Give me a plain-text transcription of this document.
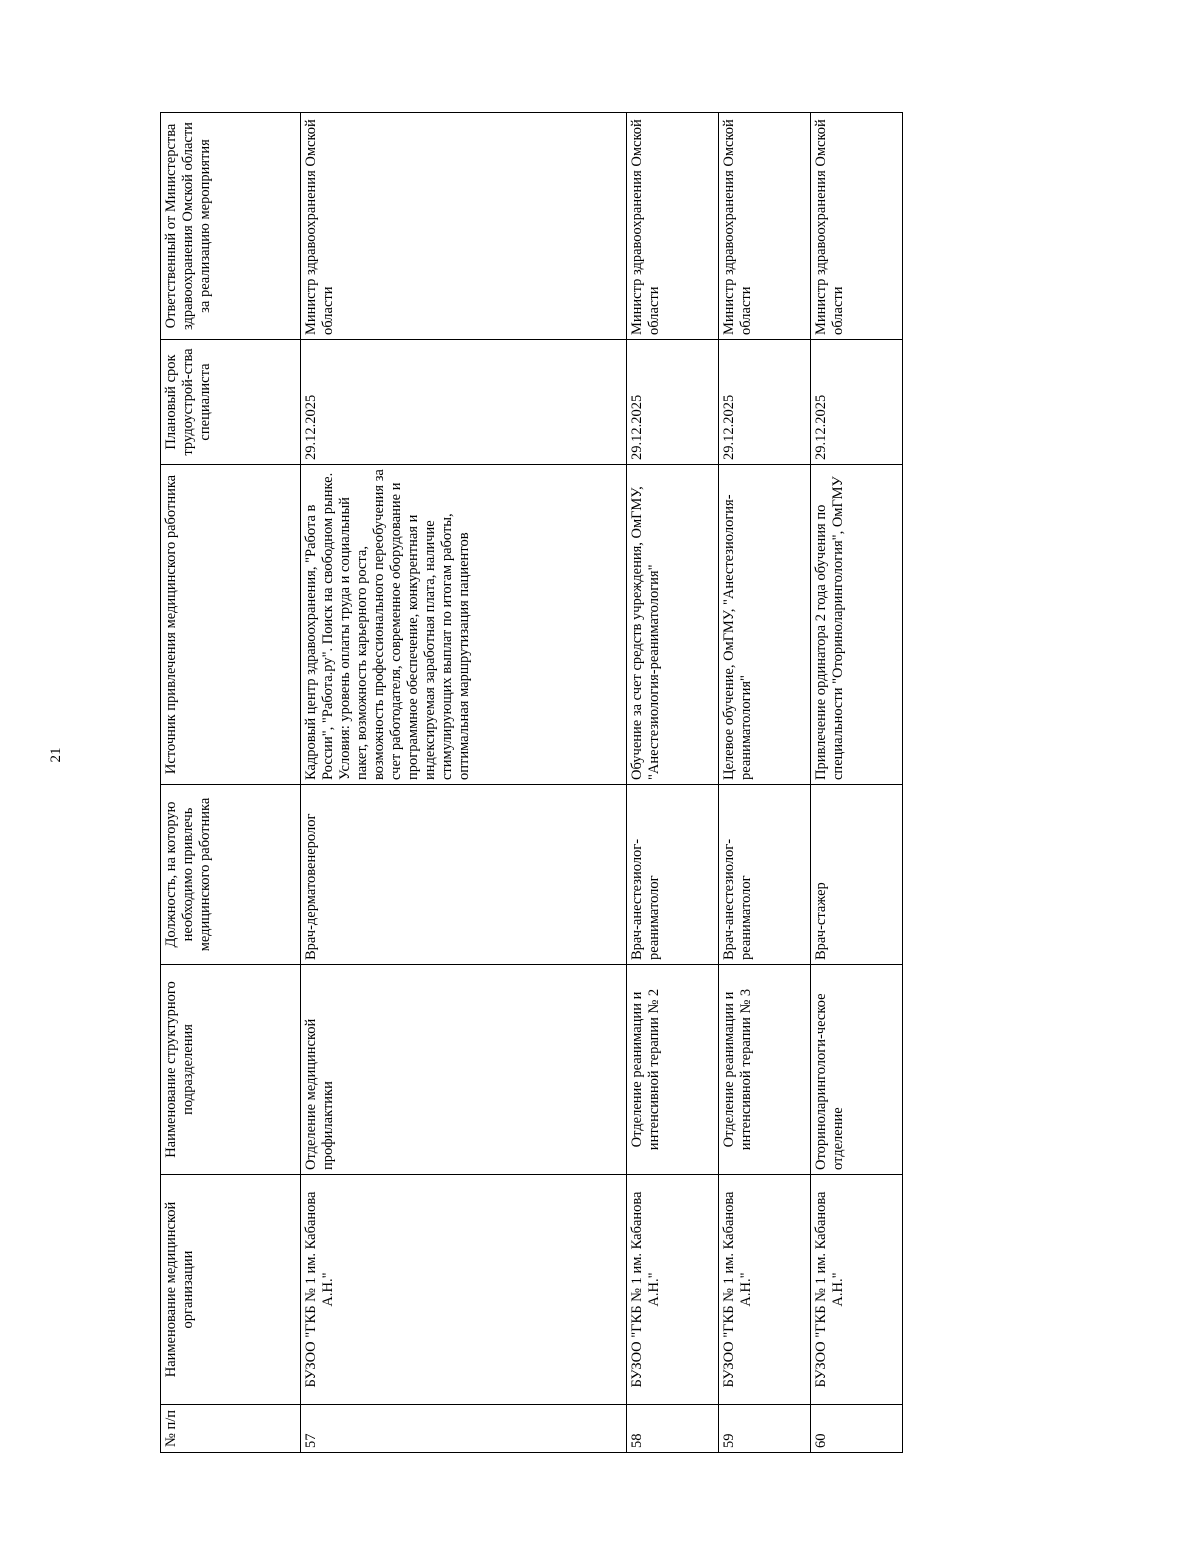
21
№ п/п	Наименование медицинской организации	Наименование структурного подразделения	Должность, на которую необходимо привлечь медицинского работника	Источник привлечения медицинского работника	Плановый срок трудоустрой-ства специалиста	Ответственный от Министерства здравоохранения Омской области за реализацию мероприятия
57	БУЗОО "ГКБ № 1 им. Кабанова А.Н."	Отделение медицинской профилактики	Врач-дерматовенеролог	Кадровый центр здравоохранения, "Работа в России", "Работа.ру". Поиск на свободном рынке. Условия: уровень оплаты труда и социальный пакет, возможность карьерного роста, возможность профессионального переобучения за счет работодателя, современное оборудование и программное обеспечение, конкурентная и индексируемая заработная плата, наличие стимулирующих выплат по итогам работы, оптимальная маршрутизация пациентов	29.12.2025	Министр здравоохранения Омской области
58	БУЗОО "ГКБ № 1 им. Кабанова А.Н."	Отделение реанимации и интенсивной терапии № 2	Врач-анестезиолог-реаниматолог	Обучение за счет средств учреждения, ОмГМУ, "Анестезиология-реаниматология"	29.12.2025	Министр здравоохранения Омской области
59	БУЗОО "ГКБ № 1 им. Кабанова А.Н."	Отделение реанимации и интенсивной терапии № 3	Врач-анестезиолог-реаниматолог	Целевое обучение, ОмГМУ, "Анестезиология-реаниматология"	29.12.2025	Министр здравоохранения Омской области
60	БУЗОО "ГКБ № 1 им. Кабанова А.Н."	Оториноларингологи-ческое отделение	Врач-стажер	Привлечение ординатора 2 года обучения по специальности "Оториноларингология", ОмГМУ	29.12.2025	Министр здравоохранения Омской области
